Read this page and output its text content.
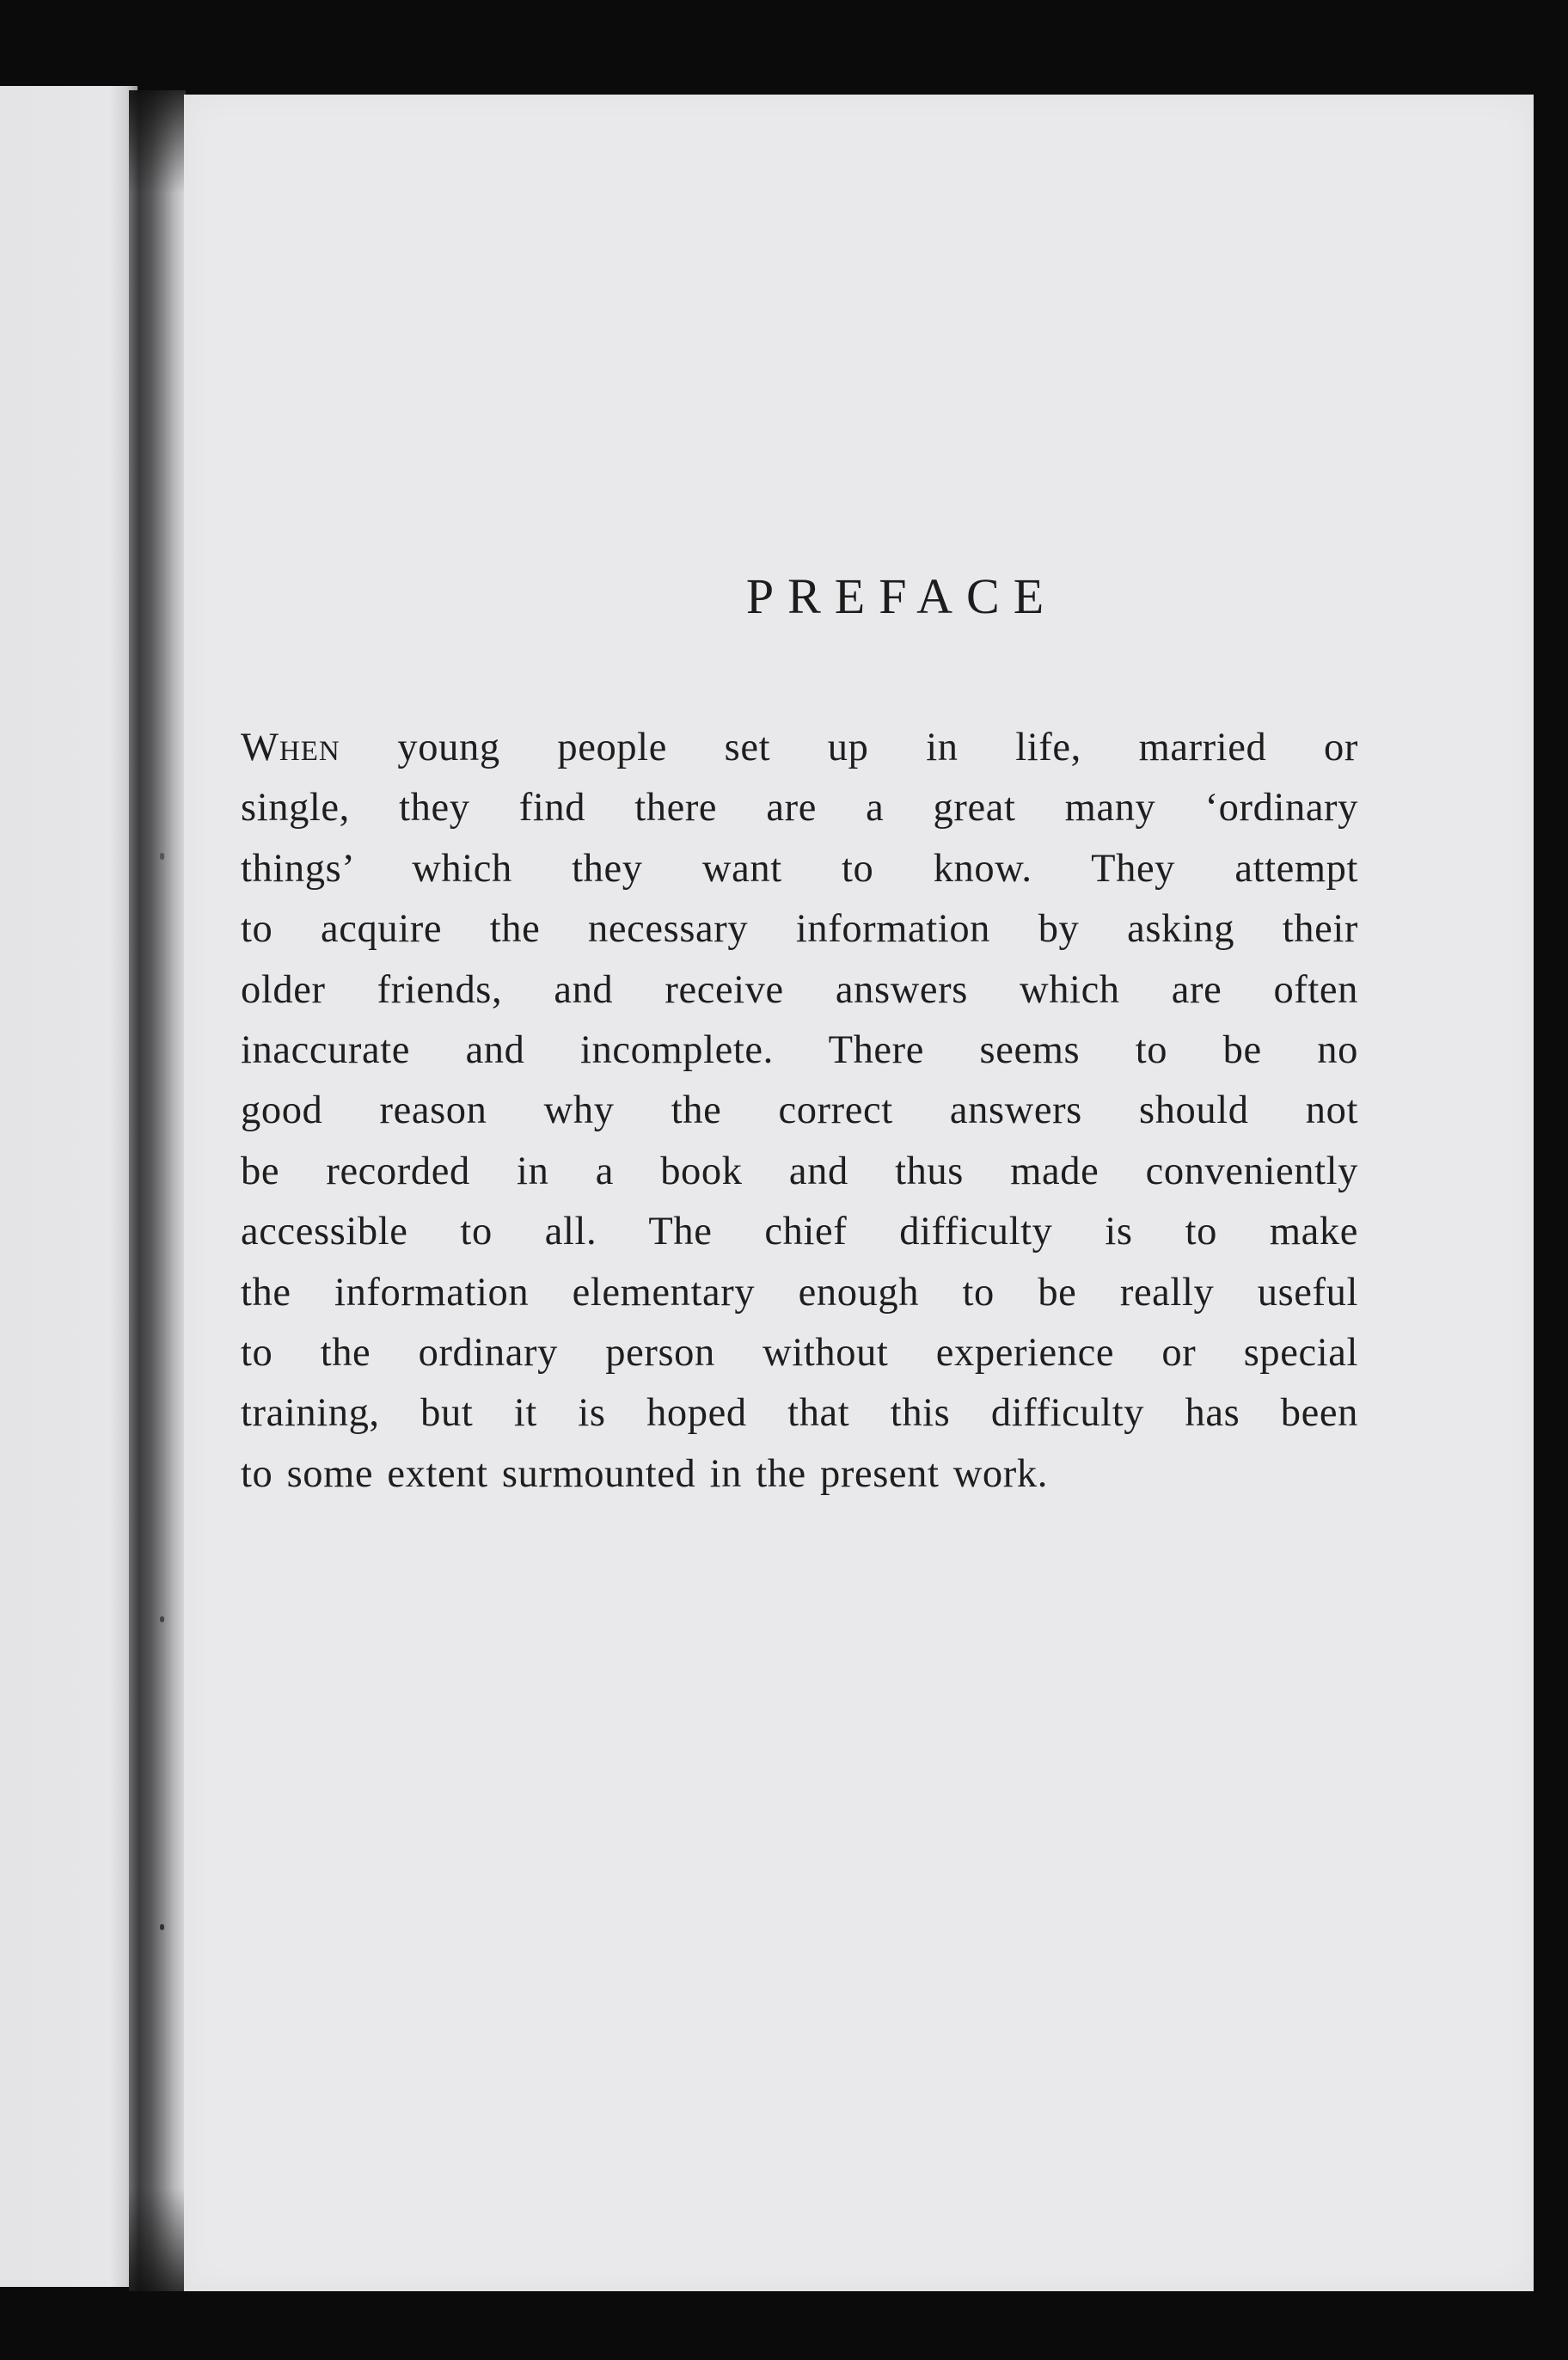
PREFACE
When young people set up in life, married or
single, they find there are a great many ‘ordinary
things’ which they want to know. They attempt
to acquire the necessary information by asking their
older friends, and receive answers which are often
inaccurate and incomplete. There seems to be no
good reason why the correct answers should not
be recorded in a book and thus made conveniently
accessible to all. The chief difficulty is to make
the information elementary enough to be really useful
to the ordinary person without experience or special
training, but it is hoped that this difficulty has been
to some extent surmounted in the present work.
